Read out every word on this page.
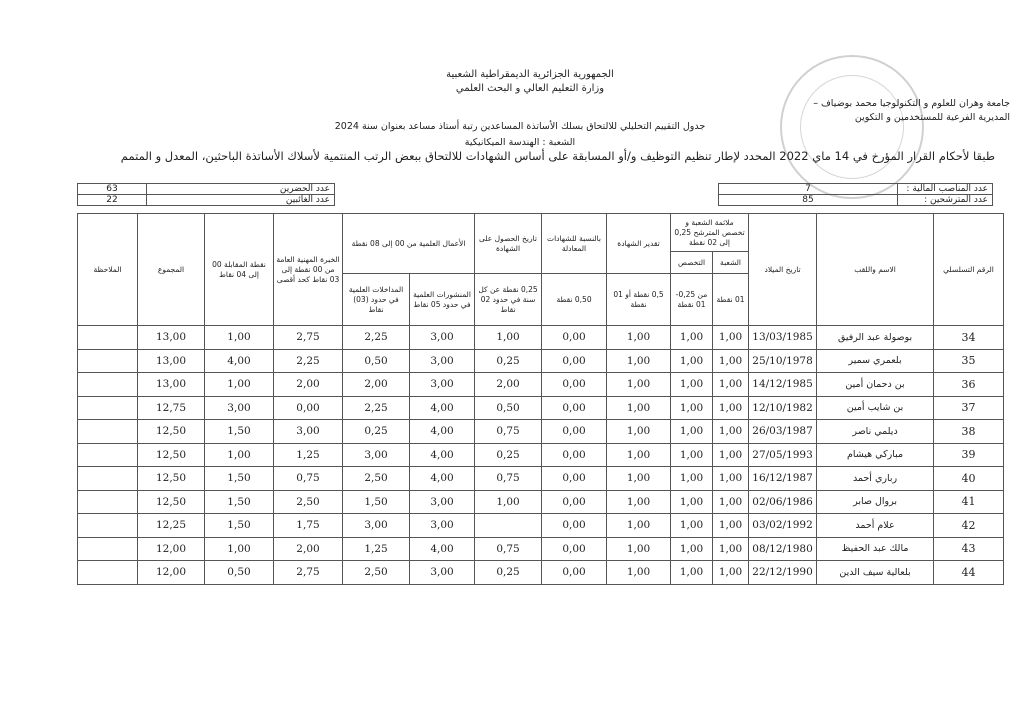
الجمهورية الجزائرية الديمقراطية الشعبية
وزارة التعليم العالي و البحث العلمي
جامعة وهران للعلوم و التكنولوجيا محمد بوضياف –
المديرية الفرعية للمستخدمين و التكوين
جدول التقييم التحليلي للالتحاق بسلك الأساتذة المساعدين رتبة أستاذ مساعد بعنوان سنة 2024
الشعبة : الهندسة الميكانيكية
طبقا لأحكام القرار المؤرخ في 14 ماي 2022 المحدد لإطار تنظيم التوظيف و/أو المسابقة على أساس الشهادات للالتحاق ببعض الرتب المنتمية لأسلاك الأساتذة الباحثين، المعدل و المتمم
63	عدد الحضرين
22	عدد الغائبين
7	عدد المناصب المالية :
85	عدد المترشحين :
الرقم التسلسلي	الاسم واللقب	تاريخ الميلاد	ملائمة الشعبة و تخصص المترشح 0,25 إلى 02 نقطة		تقدير الشهادة	بالنسبة للشهادات المعادلة	تاريخ الحصول على الشهادة	الأعمال العلمية من 00 إلى 08 نقطة		الخبرة المهنية العامة من 00 نقطة إلى 03 نقاط كحد أقصى	نقطة المقابلة 00 إلى 04 نقاط	المجموع	الملاحظة
			الشعبة	التخصص									
			01 نقطة	من 0,25- 01 نقطة	0,5 نقطة أو 01 نقطة	0,50 نقطة	0,25 نقطة عن كل سنة في حدود 02 نقاط	المنشورات العلمية في حدود 05 نقاط	المداخلات العلمية في حدود (03) نقاط				
34	بوصولة عبد الرفيق	13/03/1985	1,00	1,00	1,00	0,00	1,00	3,00	2,25	2,75	1,00	13,00	
35	بلعمري سمير	25/10/1978	1,00	1,00	1,00	0,00	0,25	3,00	0,50	2,25	4,00	13,00	
36	بن دحمان أمين	14/12/1985	1,00	1,00	1,00	0,00	2,00	3,00	2,00	2,00	1,00	13,00	
37	بن شايب أمين	12/10/1982	1,00	1,00	1,00	0,00	0,50	4,00	2,25	0,00	3,00	12,75	
38	ديلمي ناصر	26/03/1987	1,00	1,00	1,00	0,00	0,75	4,00	0,25	3,00	1,50	12,50	
39	مباركي هيشام	27/05/1993	1,00	1,00	1,00	0,00	0,25	4,00	3,00	1,25	1,00	12,50	
40	رباري أحمد	16/12/1987	1,00	1,00	1,00	0,00	0,75	4,00	2,50	0,75	1,50	12,50	
41	بروال صابر	02/06/1986	1,00	1,00	1,00	0,00	1,00	3,00	1,50	2,50	1,50	12,50	
42	علام أحمد	03/02/1992	1,00	1,00	1,00	0,00		3,00	3,00	1,75	1,50	12,25	
43	مالك عبد الحفيظ	08/12/1980	1,00	1,00	1,00	0,00	0,75	4,00	1,25	2,00	1,00	12,00	
44	بلعالية سيف الدين	22/12/1990	1,00	1,00	1,00	0,00	0,25	3,00	2,50	2,75	0,50	12,00	
